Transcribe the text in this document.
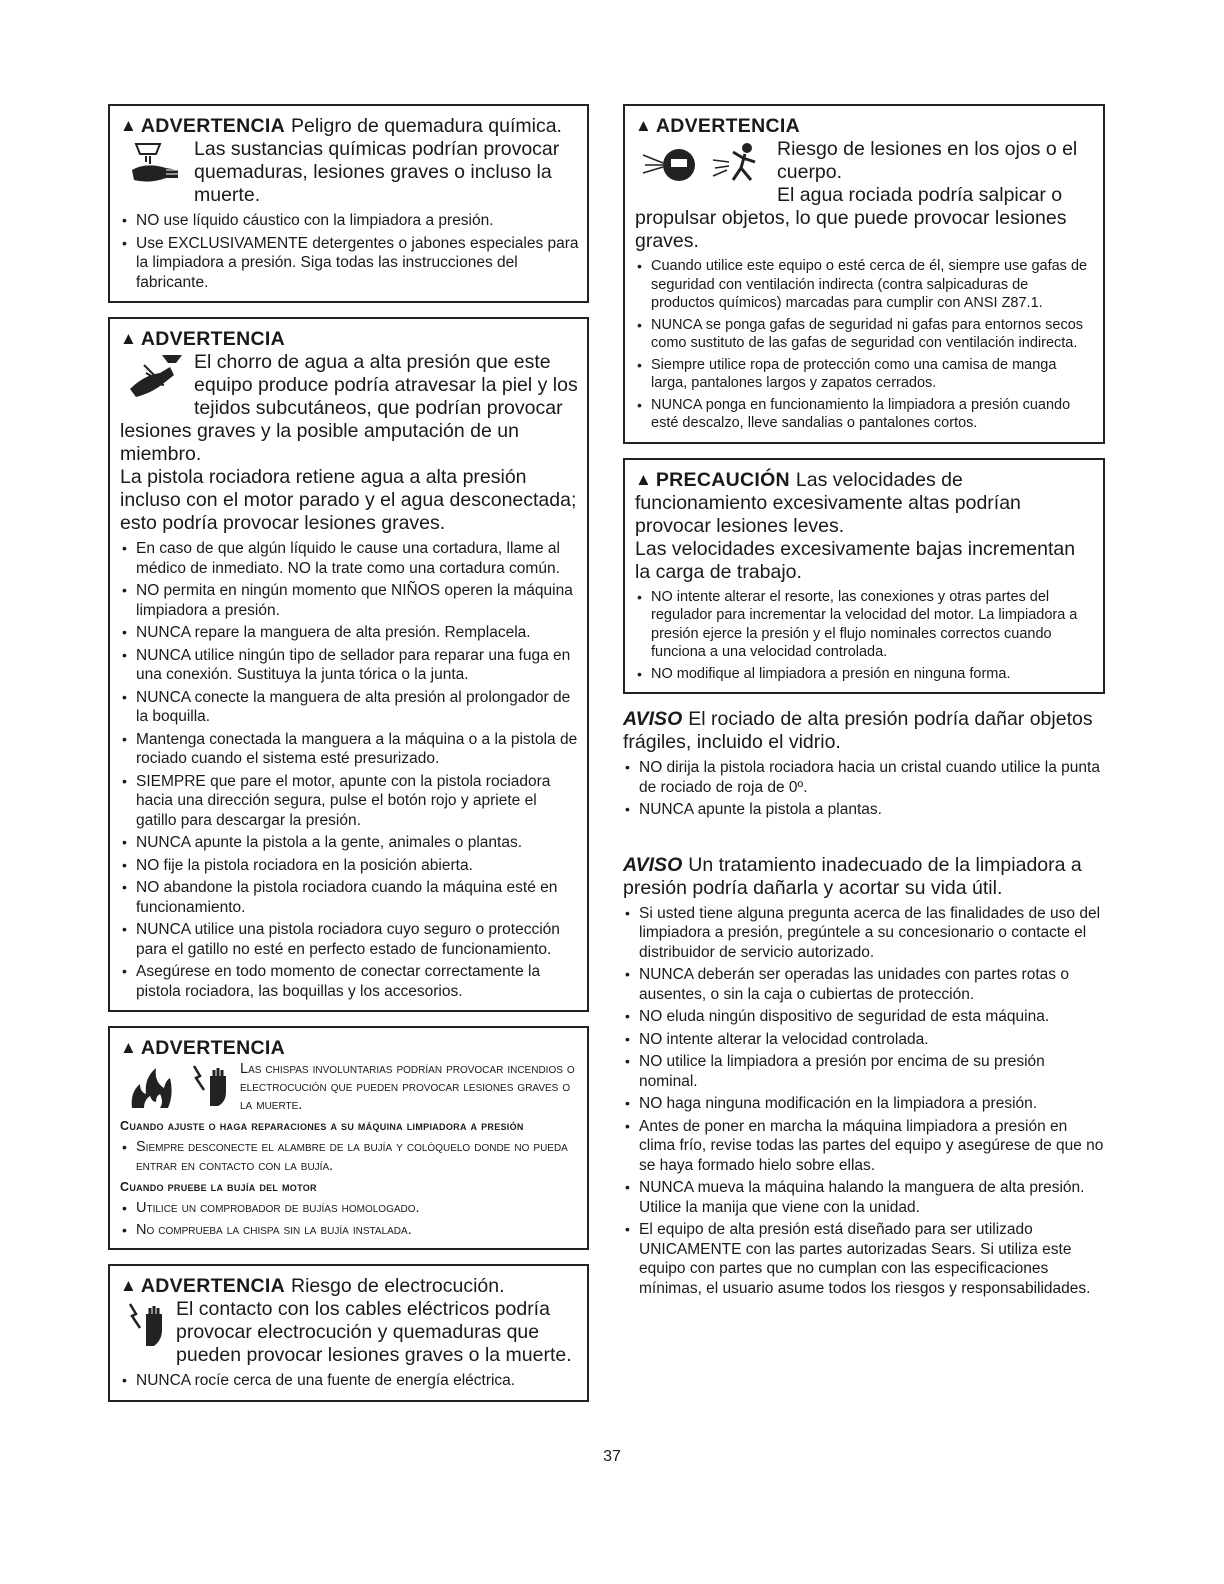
▲ ADVERTENCIA Peligro de quemadura química.
Las sustancias químicas podrían provocar quemaduras, lesiones graves o incluso la muerte.
• NO use líquido cáustico con la limpiadora a presión.
• Use EXCLUSIVAMENTE detergentes o jabones especiales para la limpiadora a presión. Siga todas las instrucciones del fabricante.
▲ ADVERTENCIA
El chorro de agua a alta presión que este equipo produce podría atravesar la piel y los tejidos subcutáneos, que podrían provocar lesiones graves y la posible amputación de un miembro.
La pistola rociadora retiene agua a alta presión incluso con el motor parado y el agua desconectada; esto podría provocar lesiones graves.
• En caso de que algún líquido le cause una cortadura, llame al médico de inmediato. NO la trate como una cortadura común.
• NO permita en ningún momento que NIÑOS operen la máquina limpiadora a presión.
• NUNCA repare la manguera de alta presión. Remplacela.
• NUNCA utilice ningún tipo de sellador para reparar una fuga en una conexión. Sustituya la junta tórica o la junta.
• NUNCA conecte la manguera de alta presión al prolongador de la boquilla.
• Mantenga conectada la manguera a la máquina o a la pistola de rociado cuando el sistema esté presurizado.
• SIEMPRE que pare el motor, apunte con la pistola rociadora hacia una dirección segura, pulse el botón rojo y apriete el gatillo para descargar la presión.
• NUNCA apunte la pistola a la gente, animales o plantas.
• NO fije la pistola rociadora en la posición abierta.
• NO abandone la pistola rociadora cuando la máquina esté en funcionamiento.
• NUNCA utilice una pistola rociadora cuyo seguro o protección para el gatillo no esté en perfecto estado de funcionamiento.
• Asegúrese en todo momento de conectar correctamente la pistola rociadora, las boquillas y los accesorios.
▲ ADVERTENCIA
Las chispas involuntarias podrían provocar incendios o electrocución que pueden provocar lesiones graves o la muerte.
Cuando ajuste o haga reparaciones a su máquina limpiadora a presión
• Siempre desconecte el alambre de la bujía y colóquelo donde no pueda entrar en contacto con la bujía.
Cuando pruebe la bujía del motor
• Utilice un comprobador de bujías homologado.
• No comprueba la chispa sin la bujía instalada.
▲ ADVERTENCIA Riesgo de electrocución.
El contacto con los cables eléctricos podría provocar electrocución y quemaduras que pueden provocar lesiones graves o la muerte.
• NUNCA rocíe cerca de una fuente de energía eléctrica.
▲ ADVERTENCIA
Riesgo de lesiones en los ojos o el cuerpo.
El agua rociada podría salpicar o propulsar objetos, lo que puede provocar lesiones graves.
• Cuando utilice este equipo o esté cerca de él, siempre use gafas de seguridad con ventilación indirecta (contra salpicaduras de productos químicos) marcadas para cumplir con ANSI Z87.1.
• NUNCA se ponga gafas de seguridad ni gafas para entornos secos como sustituto de las gafas de seguridad con ventilación indirecta.
• Siempre utilice ropa de protección como una camisa de manga larga, pantalones largos y zapatos cerrados.
• NUNCA ponga en funcionamiento la limpiadora a presión cuando esté descalzo, lleve sandalias o pantalones cortos.
▲ PRECAUCIÓN Las velocidades de funcionamiento excesivamente altas podrían provocar lesiones leves.
Las velocidades excesivamente bajas incrementan la carga de trabajo.
• NO intente alterar el resorte, las conexiones y otras partes del regulador para incrementar la velocidad del motor. La limpiadora a presión ejerce la presión y el flujo nominales correctos cuando funciona a una velocidad controlada.
• NO modifique al limpiadora a presión en ninguna forma.
AVISO El rociado de alta presión podría dañar objetos frágiles, incluido el vidrio.
• NO dirija la pistola rociadora hacia un cristal cuando utilice la punta de rociado de roja de 0º.
• NUNCA apunte la pistola a plantas.
AVISO Un tratamiento inadecuado de la limpiadora a presión podría dañarla y acortar su vida útil.
• Si usted tiene alguna pregunta acerca de las finalidades de uso del limpiadora a presión, pregúntele a su concesionario o contacte el distribuidor de servicio autorizado.
• NUNCA deberán ser operadas las unidades con partes rotas o ausentes, o sin la caja o cubiertas de protección.
• NO eluda ningún dispositivo de seguridad de esta máquina.
• NO intente alterar la velocidad controlada.
• NO utilice la limpiadora a presión por encima de su presión nominal.
• NO haga ninguna modificación en la limpiadora a presión.
• Antes de poner en marcha la máquina limpiadora a presión en clima frío, revise todas las partes del equipo y asegúrese de que no se haya formado hielo sobre ellas.
• NUNCA mueva la máquina halando la manguera de alta presión. Utilice la manija que viene con la unidad.
• El equipo de alta presión está diseñado para ser utilizado UNICAMENTE con las partes autorizadas Sears. Si utiliza este equipo con partes que no cumplan con las especificaciones mínimas, el usuario asume todos los riesgos y responsabilidades.
37
